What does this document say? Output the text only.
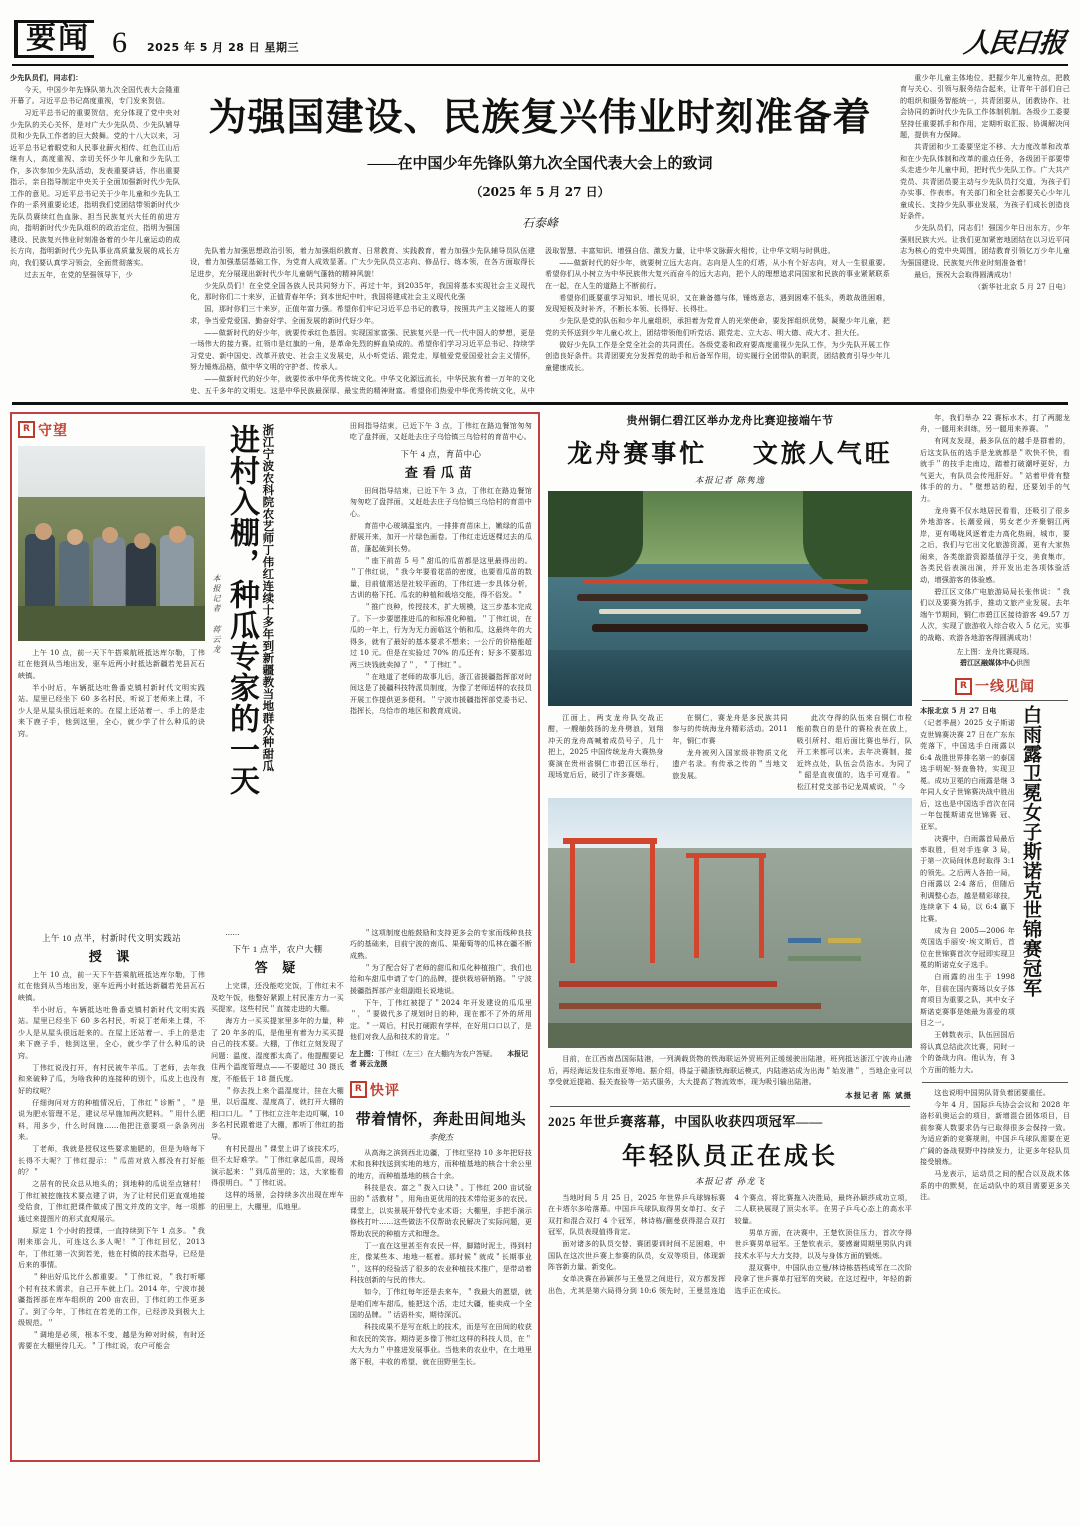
要闻 6 2025 年 5 月 28 日 星期三	人民日报

少先队员们，同志们：

今天，中国少年先锋队第九次全国代表大会隆重开幕了。习近平总书记高度重视，专门发来贺信。

习近平总书记的重要贺信，充分体现了党中央对少先队的关心关怀，是对广大少先队员、少先队辅导员和少先队工作者的巨大鼓舞。党的十八大以来，习近平总书记着眼党和人民事业薪火相传、红色江山后继有人，高度重视、亲切关怀少年儿童和少先队工作，多次参加少先队活动，发表重要讲话，作出重要指示，亲自指导制定中央关于全面加强新时代少先队工作的意见。习近平总书记关于少年儿童和少先队工作的一系列重要论述，指明我们党团结带领新时代少先队员赓续红色血脉、担当民族复兴大任的前进方向，指明新时代少先队组织的政治定位，指明为强国建设、民族复兴伟业时刻准备着的少年儿童运动的成长方向，指明新时代少先队事业高质量发展的成长方向，我们要认真学习领会，全面贯彻落实。

过去五年，在党的坚强领导下，少

为强国建设、民族复兴伟业时刻准备着
——在中国少年先锋队第九次全国代表大会上的致词
（2025 年 5 月 27 日）
石泰峰

先队着力加强思想政治引领，着力加强组织教育、日常教育、实践教育，着力加强少先队辅导员队伍建设，着力加强基层基础工作，为党育人成效显著。广大少先队员立志向、修品行、练本领，在各方面取得长足进步，充分展现出新时代少年儿童朝气蓬勃的精神风貌！

少先队员们！在全党全国各族人民共同努力下，再过十年，到2035年，我国将基本实现社会主义现代化，那时你们二十来岁，正值青春年华；到本世纪中叶，我国将建成社会主义现代化强

国，那时你们三十来岁，正值年富力强。希望你们牢记习近平总书记的教导，按照共产主义接班人的要求，争当爱党爱国、勤奋好学、全面发展的新时代好少年。

——做新时代的好少年，就要传承红色基因。实现国家富强、民族复兴是一代一代中国人的梦想，更是一场伟大的接力赛。红领巾是红旗的一角，是革命先烈的鲜血染成的。希望你们学习习近平总书记、持续学习党史、新中国史、改革开放史、社会主义发展史，从小听党话、跟党走，厚植爱党爱国爱社会主义情怀，努力锤炼品格，做中华文明的守护者、传承人。

——做新时代的好少年，就要传承中华优秀传统文化。中华文化源远流长，中华民族有着一万年的文化史、五千多年的文明史。这是中华民族最深厚、最宝贵的精神财富。希望你们热爱中华优秀传统文化，从中汲取智慧、丰富知识、增强自信、激发力量，让中华文脉薪火相传，让中华文明与时俱进。

——做新时代的好少年，就要树立远大志向。志向是人生的灯塔，从小有个好志向，对人一生很重要。希望你们从小树立为中华民族伟大复兴而奋斗的远大志向，把个人的理想追求同国家和民族的事业紧紧联系在一起，在人生的道路上不断前行。

希望你们既要重学习知识、增长见识，又在兼备德与体，锤炼意志，遇到困难不低头，勇敢战胜困难，发现短板及时补齐，不断长本领、长得好、长得壮。

少先队是党的队伍和少年儿童组织，承担着为党育人的光荣使命，要发挥组织优势，凝聚少年儿童，把党的关怀送到少年儿童心坎上，团结带领他们听党话、跟党走、立大志、明大德、成大才、担大任。

做好少先队工作是全党全社会的共同责任。各级党委和政府要高度重视少先队工作，为少先队开展工作创造良好条件。共青团要充分发挥党的助手和后备军作用，切实履行全团带队的职责，团结教育引导少年儿童健康成长。

重少年儿童主体地位，把握少年儿童特点，把教育与关心、引领与服务结合起来，让青年干部们自己的组织和服务智能统一，共青团要从，团教协作、社会协同的新时代少先队工作体制机制。各级少工委要坚持任重要抓手和作用，定期听取汇报、协调解决问题，提供有力保障。

共青团和少工委要坚定不移、大力度改革和改革和在少先队体制和改革的重点任务，各级团干部要带头走进少年儿童中间，把时代少先队工作。广大共产党员、共青团员要主动与少先队员打交道，为孩子们办实事、作表率。有关部门和全社会都要关心少年儿童成长、支持少先队事业发展，为孩子们成长创造良好条件。

少先队员们，同志们！强国少年日出东方，少年强则民族大兴。让我们更加紧密地团结在以习近平同志为核心的党中央周围，团结教育引领亿万少年儿童为强国建设、民族复兴伟业时刻准备着！

最后，预祝大会取得圆满成功！

（新华社北京 5 月 27 日电）

R 守望

上午 10 点，前一天下午搭乘航班抵达库尔勒，丁伟红在他到从当地出发，驱车近两小时抵达新疆若羌县瓦石峡镇。

半小时后，车辆抵达吐鲁番克镇村新时代文明实践站。屋里已经坐下 60 多名村民，听说丁老师来上课，不少人是从屋头很远赶来的。在屋上还站着一、手上的是走来下鹿子手，他到这里，全心，就少学了什么种瓜的诀窍。

本报记者 蒋云龙 进村入棚，种瓜专家的一天 浙江宁波农科院农艺师丁伟红连续十多年到新疆教当地群众种甜瓜	田间指导结束，已近下午 3 点，丁伟红在路边餐馆匆匆吃了盘拌面，又赶赴去庄子乌恰镇三乌恰村的育苗中心。

下午 4 点，育苗中心
查看瓜苗

田间指导结束，已近下午 3 点，丁伟红在路边餐馆匆匆吃了盘拌面，又赶赴去庄子乌恰镇三乌恰村的育苗中心。

育苗中心玻璃温室内，一排排育苗床上，嫩绿的瓜苗舒展开来，加开一片绿色画卷。丁伟红走近逐棵过去的瓜苗，蓬起破到长势。

＂座下前苗 5 号＂甜瓜的瓜苗都是这里最得出的。＂丁伟红说，＂我今年要看花苗的密度，也要看瓜苗的数量，目前值需达是社较平面的，丁伟红进一步具体分析，古训的格下托、瓜农的种植和栽培交能，得不俗发。＂

＂推广良种，传授技术，扩大规模，这三步基本完成了。下一步要愿推进瓜的和标准化种植。＂丁伟红说，在瓜的一年上，行为为无力面临这个销和瓜，这最终年的大得多，就有了最好的基本要求不想来；一公斤的价格能超过 10 元。但是在实验过 70% 的瓜还有；好多不要那边两三块钱就卖掉了＂，＂丁伟红＂。

＂在地道了老师的故事儿后，浙江省援疆指挥部对时间这是了援疆科技特派员制度，为像了老师适样的农技员开展工作提供更多便利。＂宁波市援疆指挥部党委书记、指挥长，乌恰市的地区和教育成说。

上午 10 点半，村新时代文明实践站
授 课

上午 10 点，前一天下午搭乘航班抵达库尔勒，丁伟红在他到从当地出发，驱车近两小时抵达新疆若羌县瓦石峡镇。

半小时后，车辆抵达吐鲁番克镇村新时代文明实践站。屋里已经坐下 60 多名村民，听说丁老师来上课，不少人是从屋头很远赶来的。在屋上还站着一、手上的是走来下鹿子手，他到这里，全心，就少学了什么种瓜的诀窍。

丁伟红说没打开，有村民被牛羊瓜。丁老师，去年我和来破种了瓜，为啥我种的连接种的别个，瓜皮上也没有好的纹呢？

仔细询问对方的种植情况后，丁伟红＂诊断＂，＂是说为肥水管理不足，建议尽早施加两次肥料。＂用什么肥料，用多少，什么时间施……他把注意要项一条条列出来。

丁老师，我就是授权这些要求施肥的，但是为啥每下长得不大呢？丁伟红提示：＂瓜苗对放入都没有打好能的？＂

之居有的民众总从地头的；到地种的瓜说至点辖村！丁伟红被挖施技术要点建了讲，为了让村民们更直观地接受给食，丁伟红把课件做成了图文并茂的文字，每一项都通过来提图片的形式直观展示。

原定 1 个小时的授课，一直持续到下午 1 点多。＂我刚来那会儿，可连这么多人呢！＂丁伟红回忆，2013 年，丁伟红第一次到若羌，他在村镇的技术指导，已经是后来的事情。

＂种出好瓜比什么都重要。＂丁伟红说，＂我打听哪个村有技术需求，自己开车就上门。2014 年，宁波市援疆指挥部在库车组织的 200 亩农田，丁伟红的工作更多了。到了今年，丁伟红在若羌的工作，已经涉及到极大上级规范。＂

＂调地是必须，根本不变，越是为种对时候，有时还需要在大棚里待几天。＂丁伟红说，农户可能会

……

下午 1 点半，农户大棚
答 疑

上完课，还没能吃完饭，丁伟红未不及吃午饭，他整好紧跟上村民准方力一买买提家，这些村民＂直接走进的大棚。

海方力一买买提家里多年的力量，种了 20 年多的瓜，是他里有着为力买买提自己的技术要。大棚，丁伟红立刻发现了问题：温度、湿度都太高了。他提醒要记住两个温度管理点——不要超过 30 摄氏度，不能低于 18 摄氏度。

＂你去找上来个温湿度计，挂在大棚里，以后温度、湿度高了，就打开大棚的相口口儿。＂丁伟红立注年走边叮嘱，10 多名村民跟着进了大棚，都听丁伟红的指导。

有村民提出＂课堂上讲了该技术巧，但不太好难学。＂丁伟红拿起瓜苗，现场演示起来：＂到瓜苗里的；这，大家能看得很明白。＂丁伟红说。

这样的场景，会持续多次出现在库车的田里上，大棚里，瓜地里。

＂这项制度也能鼓励和支持更多会的专家而线种良技巧的基础来，目前宁波的南瓜、果葡萄等的瓜林在疆不断成熟。

＂为了配合好了老师的甜瓜和瓜化种植推广，我们也给和车甜瓜申请了专门的品牌，提供栽培研销路。＂宁波援疆指挥部产业组副组长说地说。

下午，丁伟红被提了＂2024 年开发建设的瓜瓜里＂，＂要做代多了规划时日的种，现在都不了外的所用定。＂一周后，村民打硬跟有学样，在好用口口以了，是他们对我人品和技术的肯定。＂

左上图：丁伟红（左三）在大棚内为农户答疑。 本报记者 蒋云龙摄
R 快评
带着情怀，奔赴田间地头
李俊杰

从高海之滨到西北边疆，丁伟红坚持 10 多年把好技术和良种找送到实地的地方，而种植基地的核合十余公里的地方，而种植基地的核合十余。

科技是农、富之＂拨入口诀＂。丁伟红 200 亩试验田的＂活教材＂，用角由更优用的技术带给更多的农民。课堂上，以实景展开替代专业术语；大棚里，手把手演示修枝打叶……这些做法不仅帮助农民解决了实际问题，更帮助农民的种植方式和理念。

丁一直在这里甚至有农民一样，脚踏时泥土，得到村庄，像某些本、地地一框着。那时候＂就成＂长期事业＂，这样的经验活了很多的农业种植技术推广，是带动着科技创新的与民的伟大。

如今，丁伟红每年还是去来车，＂我最大的愿望，就是咱们库车甜瓜，能把这个活，走过大疆，能卖成一个全国的品牌。＂话语朴实，期待深沉。

科技成果不是写在纸上的技术，而是写在田间的收获和农民的笑容。期待更多像丁伟红这样的科技人员，在＂大大为力＂中推进发展事业。当他来的农业中，在土地里落下根，丰收的希望，就在田野里生长。

贵州铜仁碧江区举办龙舟比赛迎接端午节
龙舟赛事忙 文旅人气旺
本报记者 陈隽逸

江面上，两支龙舟队交战正酣，一艘舳鼓扬的龙舟劈浪，划翔冲天的龙舟高喊着成员号子，几十把上，2025 中国传统龙舟大赛热身赛演在贵州省铜仁市碧江区举行，现场宽后后，破引了许多赛烟。

在铜仁，赛龙舟是多民族共同参与的传统海龙舟精彩活动。2011年，铜仁市赛

龙舟被列入国家级非物质文化遗产名录。有传承之传的＂当地文旅发展。

此次夺得的队伍来自铜仁市检能前数白的是什的赛检表在放上，吸引所村、组后面比赛也举行，队开工来都可以来。去年决赛制，接近终点处，队伍会员浩水。为同了＂韶是直夜值的，选手可观看。＂松江村党支部书记龙周威说，＂今

目前，在江西南昌国际陆港，一列满载货物的铁海联运外贸班列正缓缓驶出陆港，班列抵达浙江宁波舟山港后，再经海运发往东南亚等地。据介绍，得益于赣浙铁海联运模式，内陆港站成为出海＂始发港＂，当地企业可以享受就近提箱、报关查验等一站式服务，大大提高了物流效率，现为吸引输出陆港。

本报记者 陈 斌摄
2025 年世乒赛落幕，中国队收获四项冠军——
年轻队员正在成长
本报记者 孙龙飞

当地时间 5 月 25 日，2025 年世界乒乓球锦标赛在卡塔尔多哈落幕。中国乒乓球队取得男女单打、女子双打和混合双打 4 个冠军，林诗栋/蒯曼获得混合双打冠军，队员表现值得肯定。

面对诸多的队员交替、赛团要训时间不足困难，中国队在这次世乒赛上参赛的队员，女双等项目，体现新阵容新力量、新变化。

女单决赛在孙颖莎与王曼昱之间进行，双方都发挥出色，尤其是第六局得分到 10:6 领先时，王曼昱连追 4 个赛点，将比赛拖入决胜局，最终孙颖莎成功立项，二人联袂展现了顶尖水平。在男子乒乓心态上的高水平较量。

男单方面，在决赛中，王楚钦顶住压力，首次夺得世乒赛男单冠军。王楚钦表示，要感谢周期里男队内训技术水平与大力支持，以及与身体方面的锻炼。

混双赛中，中国队由立曼/林诗栋搭档成军在二次阶段拿了世乒赛单打冠军的突破。在这过程中，年轻的新选手正在成长。

年，我们举办 22 赛标水木，打了两腿龙舟，一腿用来训练，另一腿用来养赛。＂

有网友发现，最多队伍的越手是群着的，后这支队伍的选手是龙就都是＂吹快不快，看就手＂的技手走南边，踏着打破潮呼更好，力气更大，有队员会传甩肝好。＂站着甲骨有整体手的的力。＂壁想站的程，还要划手的气力。

龙舟赛不仅水地居民看看，还吸引了很多外地游客。长潮爱闹，男女老少齐聚铜江两岸，更有喝咙风逐着走力高化热闹，城市，要之后，我们与它出文化旅游资源，更有大家热闹来，各类旅游资源基值浮于交，美食集市，各类民俗表演出演，并开发出走各项体验活动，增强游客的体验感。

碧江区文体广电旅游局局长张伟说：＂我们以及要赛为抓手，推动文旅产业发展。去年端午节期间，铜仁市碧江区接待游客 49.57 万人次，实现了旅游收入综合收入 5 亿元，实事的战略、欢游各地游客得圆满成功！

左上图：龙舟比赛现场。
碧江区融媒体中心供图
R 一线见闻

本报北京 5 月 27 日电

（记者季晨）2025 女子斯诺克世锦赛决赛 27 日在广东东莞落下，中国选手白雨露以 6:4 战胜世界排名第一的泰国选手明妮·努查鲁特，实现卫冕。成功卫冕的白雨露是继 3 年同人女子世锦赛决战中胜出后，这也是中国选手首次在同一年包揽斯诺克世锦赛 冠、亚军。

决赛中，白雨露首局最后率取胜，但对手连拿 3 局，于第一次局间休息时取得 3:1 的领先。之后两人各拍一局，白雨露以 2:4 落后，但随后利调整心态，越是精彩球技，连续拿下 4 局，以 6:4 赢下比赛。

成为自 2005—2006 年英国选手丽安·埃文斯后，首位在世锦赛首次夺冠即实现卫冕的斯诺克女子选手。

白雨露的出生于 1998 年，目前在国内赛场以女子体育项目为重要之队，其中女子斯诺克赛事是她最为喜爱的项目之一。

王韩数表示，队伍回国后将认真总结此次比赛，同时一个的备战力向。他认为，有 3 个方面的能力大。

白雨露卫冕女子斯诺克世锦赛冠军

这也说明中国男队背负着团要重任。

今年 4 月，国际乒乓协会会议和 2028 年洛杉矶奥运会的项目，新增混合团体项目，目前参赛人数要求仍与已取得很多会保持一致。为适应新的竞赛规则，中国乒乓球队需要在更广阔的备战视野中持续发力，让更多年轻队员接受锻炼。

马龙表示，运动员之间的配合以及战术体系的中的默契，在运动队中的项目需要更多关注。
